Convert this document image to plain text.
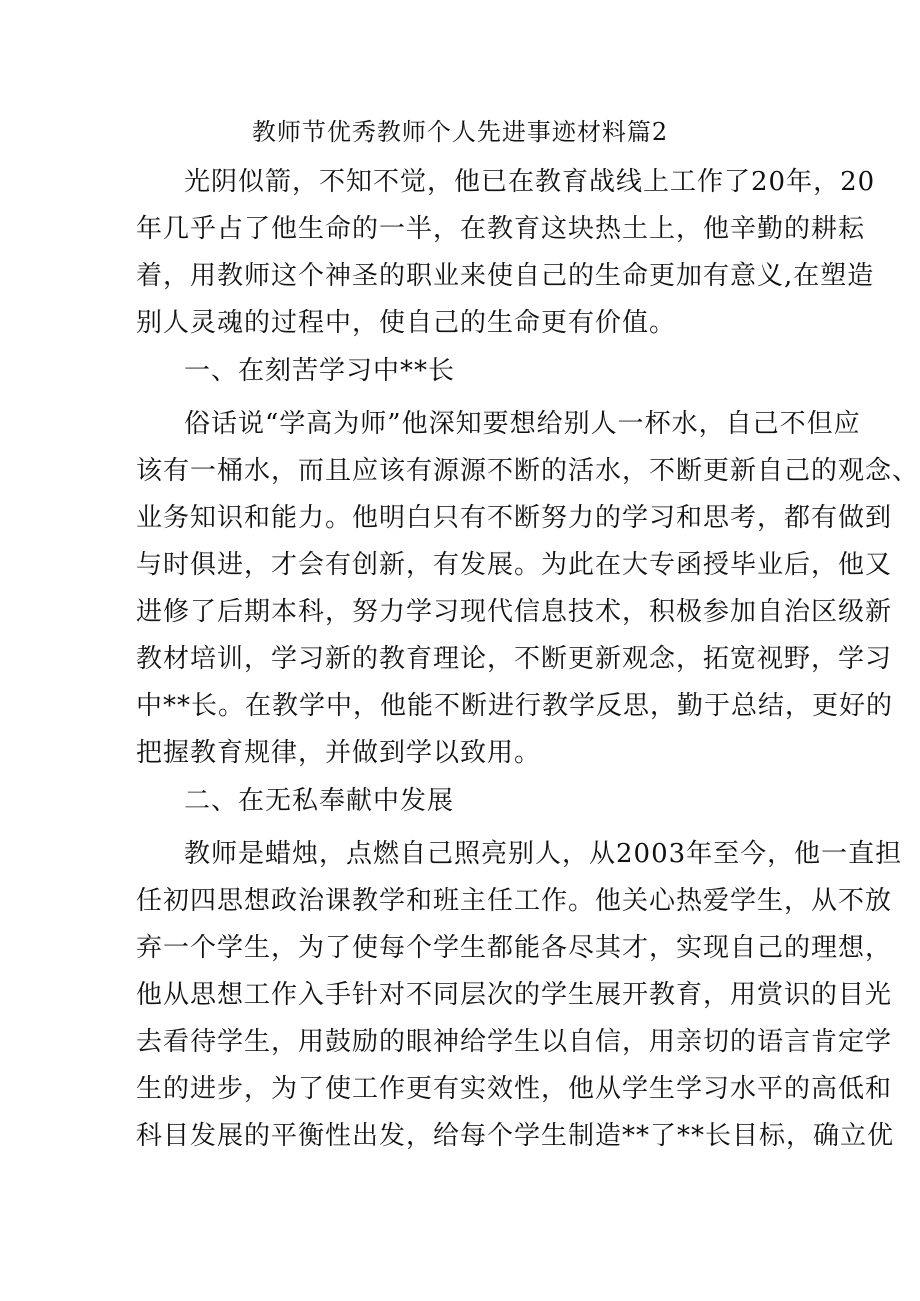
教师节优秀教师个人先进事迹材料篇2
光阴似箭，不知不觉，他已在教育战线上工作了20年，20
年几乎占了他生命的一半，在教育这块热土上，他辛勤的耕耘
着，用教师这个神圣的职业来使自己的生命更加有意义,在塑造
别人灵魂的过程中，使自己的生命更有价值。
一、在刻苦学习中**长
俗话说“学高为师”他深知要想给别人一杯水，自己不但应
该有一桶水，而且应该有源源不断的活水，不断更新自己的观念、
业务知识和能力。他明白只有不断努力的学习和思考，都有做到
与时俱进，才会有创新，有发展。为此在大专函授毕业后，他又
进修了后期本科，努力学习现代信息技术，积极参加自治区级新
教材培训，学习新的教育理论，不断更新观念，拓宽视野，学习
中**长。在教学中，他能不断进行教学反思，勤于总结，更好的
把握教育规律，并做到学以致用。
二、在无私奉献中发展
教师是蜡烛，点燃自己照亮别人，从2003年至今，他一直担
任初四思想政治课教学和班主任工作。他关心热爱学生，从不放
弃一个学生，为了使每个学生都能各尽其才，实现自己的理想，
他从思想工作入手针对不同层次的学生展开教育，用赏识的目光
去看待学生，用鼓励的眼神给学生以自信，用亲切的语言肯定学
生的进步，为了使工作更有实效性，他从学生学习水平的高低和
科目发展的平衡性出发，给每个学生制造**了**长目标，确立优
